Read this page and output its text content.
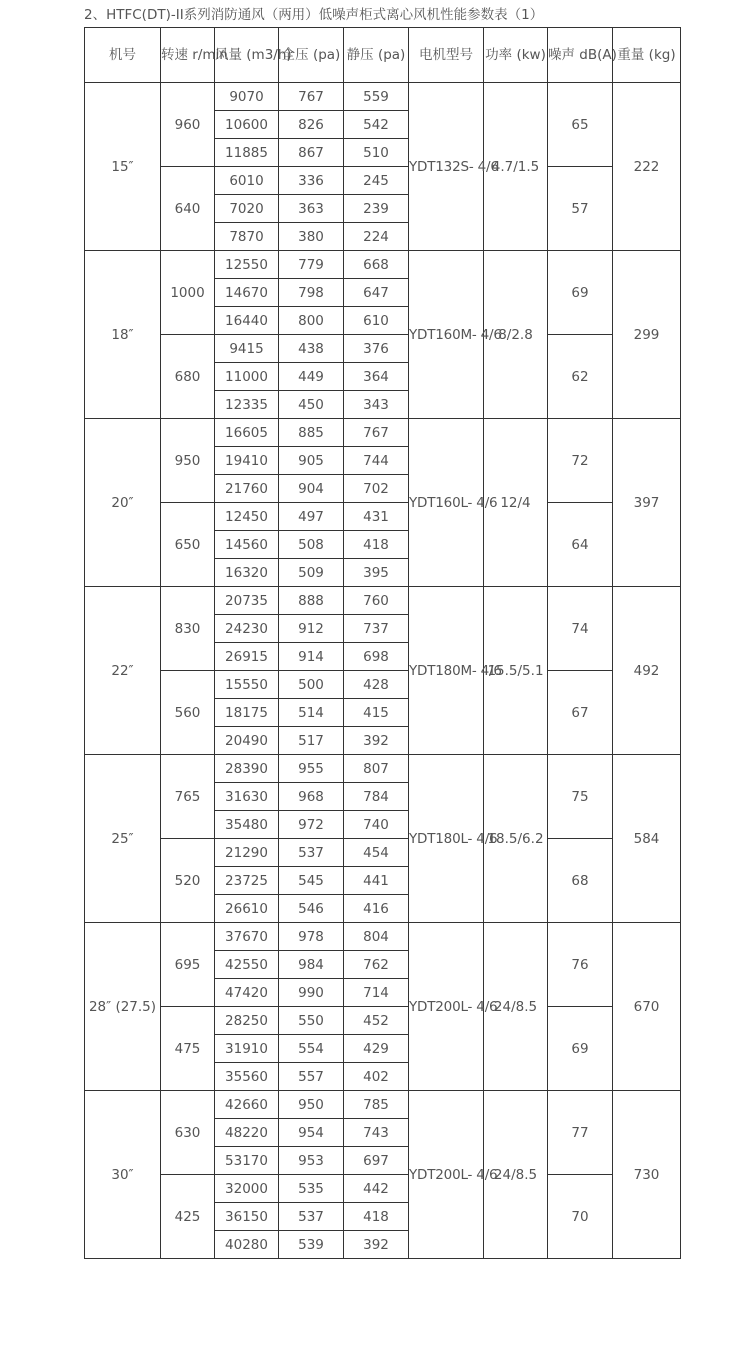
2、HTFC(DT)-II系列消防通风（两用）低噪声柜式离心风机性能参数表（1）
机号	转速 r/min	风量 (m3/h)	全压 (pa)	静压 (pa)	电机型号	功率 (kw)	噪声 dB(A)	重量 (kg)
15″	960	9070	767	559	YDT132S- 4/6	4.7/1.5	65	222
		10600	826	542				
		11885	867	510				
	640	6010	336	245			57	
		7020	363	239				
		7870	380	224				
18″	1000	12550	779	668	YDT160M- 4/6	8/2.8	69	299
		14670	798	647				
		16440	800	610				
	680	9415	438	376			62	
		11000	449	364				
		12335	450	343				
20″	950	16605	885	767	YDT160L- 4/6	12/4	72	397
		19410	905	744				
		21760	904	702				
	650	12450	497	431			64	
		14560	508	418				
		16320	509	395				
22″	830	20735	888	760	YDT180M- 4/6	15.5/5.1	74	492
		24230	912	737				
		26915	914	698				
	560	15550	500	428			67	
		18175	514	415				
		20490	517	392				
25″	765	28390	955	807	YDT180L- 4/6	18.5/6.2	75	584
		31630	968	784				
		35480	972	740				
	520	21290	537	454			68	
		23725	545	441				
		26610	546	416				
28″ (27.5)	695	37670	978	804	YDT200L- 4/6	24/8.5	76	670
		42550	984	762				
		47420	990	714				
	475	28250	550	452			69	
		31910	554	429				
		35560	557	402				
30″	630	42660	950	785	YDT200L- 4/6	24/8.5	77	730
		48220	954	743				
		53170	953	697				
	425	32000	535	442			70	
		36150	537	418				
		40280	539	392				
